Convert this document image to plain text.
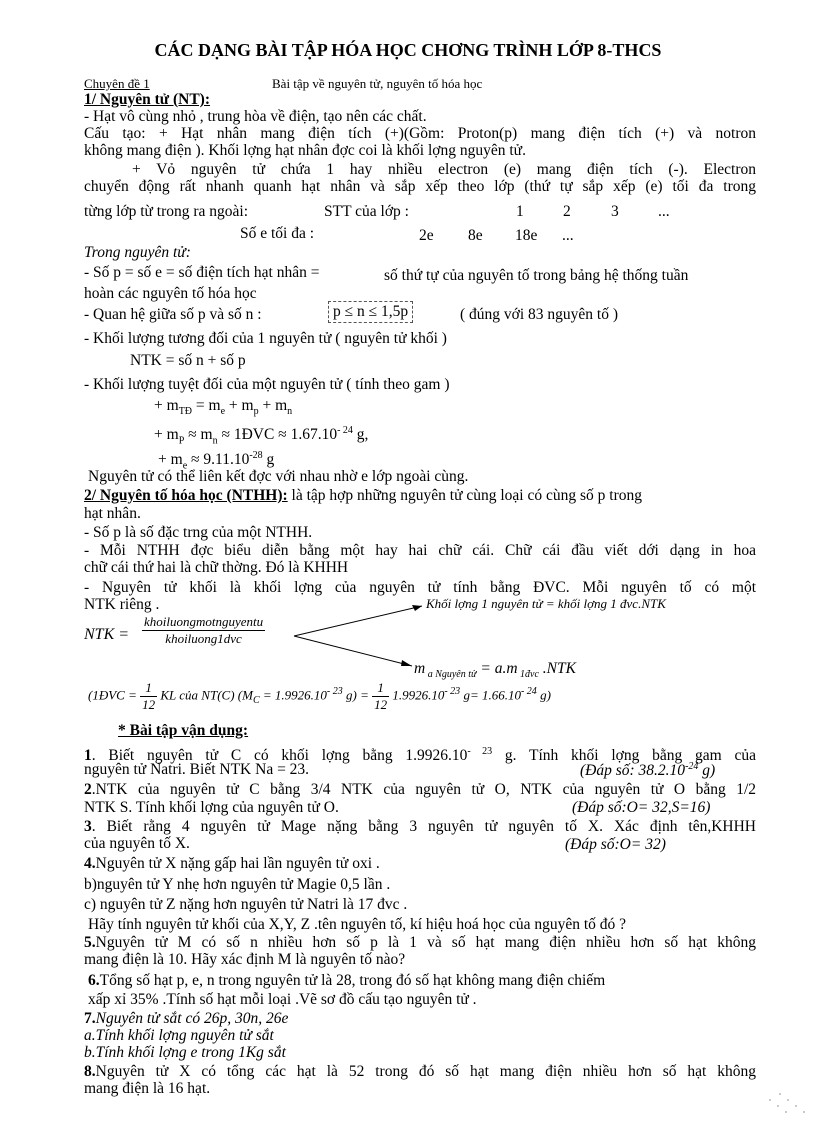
CÁC DẠNG BÀI TẬP HÓA HỌC CHƠNG TRÌNH LỚP 8-THCS
Chuyên đề 1	Bài tập về nguyên tử, nguyên tố hóa học
1/ Nguyên tử (NT):
- Hạt vô cùng nhỏ , trung hòa về điện, tạo nên các chất.
Cấu tạo: + Hạt nhân mang điện tích (+)(Gồm: Proton(p) mang điện tích (+) và notron
không mang điện ). Khối lợng hạt nhân đợc coi là khối lợng nguyên tử.
+ Vỏ nguyên tử chứa 1 hay nhiều electron (e) mang điện tích (-). Electron
chuyển động rất nhanh quanh hạt nhân và sắp xếp theo lớp (thứ tự sắp xếp (e) tối đa trong
từng lớp từ trong ra ngoài:	STT của lớp :	1	2	3	...
Số e tối đa :	2e 8e 18e ...
Trong nguyên tử:
- Số p = số e = số điện tích hạt nhân =	số thứ tự của nguyên tố trong bảng hệ thống tuần
hoàn các nguyên tố hóa học
- Quan hệ giữa số p và số n :	p ≤ n ≤ 1,5p	( đúng với 83 nguyên tố )
- Khối lượng tương đối của 1 nguyên tử ( nguyên tử khối )
NTK = số n + số p
- Khối lượng tuyệt đối của một nguyên tử ( tính theo gam )
+ $m_{TĐ} = m_e + m_p + m_n$
+ $m_P \approx m_n$ ≈ 1ĐVC ≈ $1.67.10^{- 24}$ g,
+ $m_e \approx 9.11.10^{-28}$ g
Nguyên tử có thể liên kết đợc với nhau nhờ e lớp ngoài cùng.
2/ Nguyên tố hóa học (NTHH): là tập hợp những nguyên tử cùng loại có cùng số p trong
hạt nhân.
- Số p là số đặc trng của một NTHH.
- Mỗi NTHH đợc biểu diễn bằng một hay hai chữ cái. Chữ cái đầu viết dới dạng in hoa
chữ cái thứ hai là chữ thờng. Đó là KHHH
- Nguyên tử khối là khối lợng của nguyên tử tính bằng ĐVC. Mỗi nguyên tố có một
NTK riêng .	Khối lợng 1 nguyên tử = khối lợng 1 đvc.NTK
NTK =
khoiluongmotnguyentu
khoiluong1dvc
m $_{a Nguyên tử}$ = a.m $_{1đvc}$ .NTK
(1ĐVC = $\frac{1}{12}$ KL của NT(C) ($M_C = 1.9926.10^{- 23}$ $g) = \frac{1}{12} 1.9926.10^{- 23}$ $g= 1.66.10^{- 24}$ g)
* Bài tập vận dụng:
1. Biết nguyên tử C có khối lợng bằng $1.9926.10^{- 23}$ g. Tính khối lợng bằng gam của
nguyên tử Natri. Biết NTK Na = 23.	(Đáp số: $38.2.10^{-24}$ g)
2.NTK của nguyên tử C bằng 3/4 NTK của nguyên tử O, NTK của nguyên tử O bằng 1/2
NTK S. Tính khối lợng của nguyên tử O.	(Đáp số:O= 32,S=16)
3. Biết rằng 4 nguyên tử Mage nặng bằng 3 nguyên tử nguyên tố X. Xác định tên,KHHH
của nguyên tố X.	(Đáp số:O= 32)
4.Nguyên tử X nặng gấp hai lần nguyên tử oxi .
b)nguyên tử Y nhẹ hơn nguyên tử Magie 0,5 lần .
c) nguyên tử Z nặng hơn nguyên tử Natri là 17 đvc .
Hãy tính nguyên tử khối của X,Y, Z .tên nguyên tố, kí hiệu hoá học của nguyên tố đó ?
5.Nguyên tử M có số n nhiều hơn số p là 1 và số hạt mang điện nhiều hơn số hạt không
mang điện là 10. Hãy xác định M là nguyên tố nào?
6.Tổng số hạt p, e, n trong nguyên tử là 28, trong đó số hạt không mang điện chiếm
xấp xỉ 35% .Tính số hạt mỗi loại .Vẽ sơ đồ cấu tạo nguyên tử .
7.Nguyên tử sắt có 26p, 30n, 26e
a.Tính khối lợng nguyên tử sắt
b.Tính khối lợng e trong 1Kg sắt
8.Nguyên tử X có tổng các hạt là 52 trong đó số hạt mang điện nhiều hơn số hạt không
mang điện là 16 hạt.
